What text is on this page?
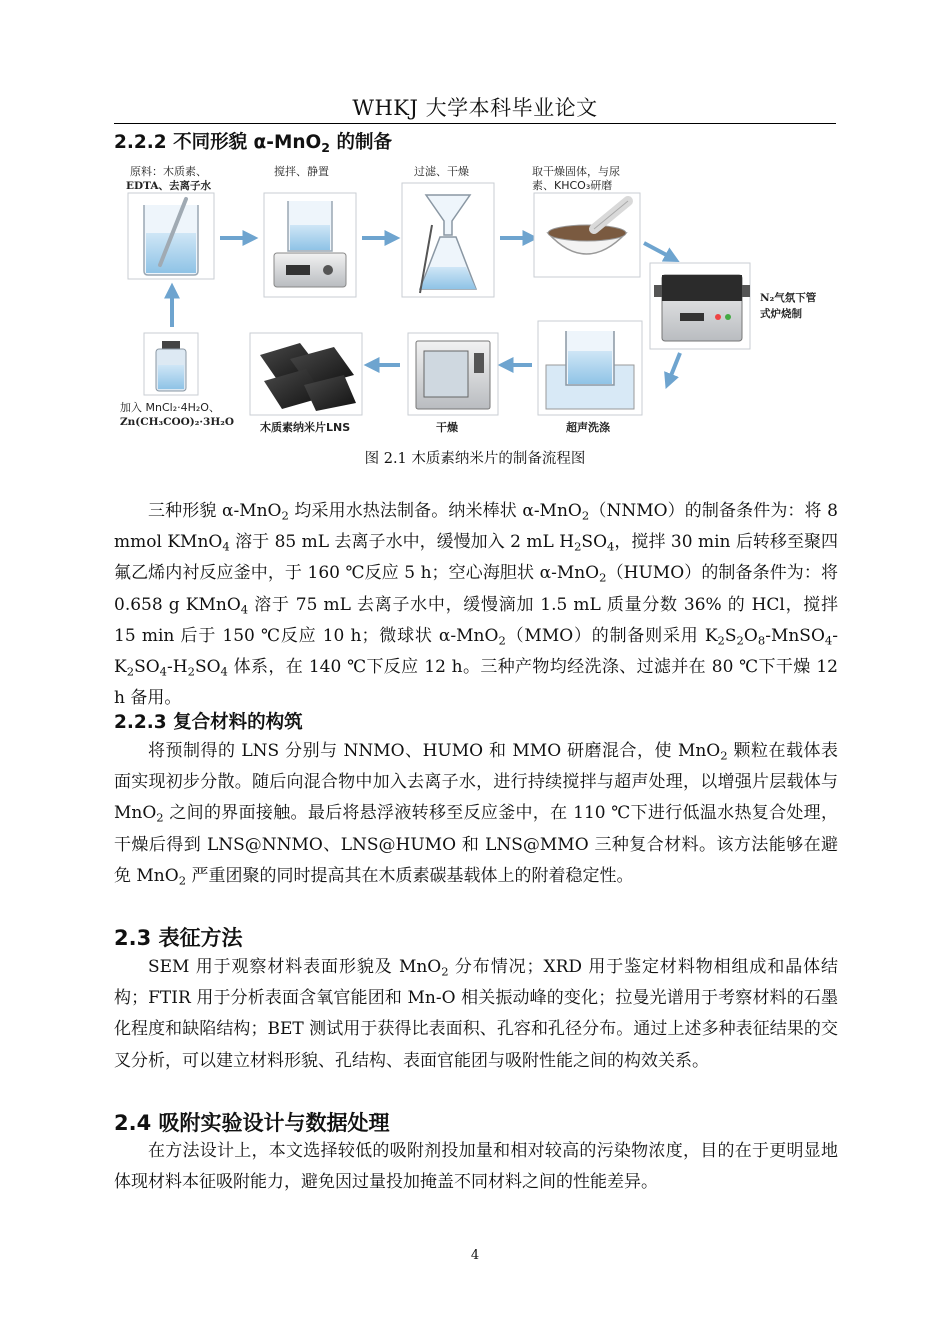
WHKJ 大学本科毕业论文
2.2.2 不同形貌 α-MnO$_2$ 的制备
原料：木质素、
EDTA、去离子水
搅拌、静置	过滤、干燥	取干燥固体，与尿
素、KHCO₃研磨
N₂气氛下管
式炉烧制
超声洗涤
干燥
木质素纳米片LNS
加入 MnCl₂·4H₂O、
Zn(CH₃COO)₂·3H₂O
图 2.1 木质素纳米片的制备流程图

三种形貌 α-MnO$_2$ 均采用水热法制备。纳米棒状 α-MnO$_2$（NNMO）的制备条件为：将 8 mmol KMnO$_4$ 溶于 85 mL 去离子水中，缓慢加入 2 mL $H_2SO_4$，搅拌 30 min 后转移至聚四氟乙烯内衬反应釜中，于 160 ℃反应 5 h；空心海胆状 α-MnO$_2$（HUMO）的制备条件为：将 0.658 g KMnO$_4$ 溶于 75 mL 去离子水中，缓慢滴加 1.5 mL 质量分数 36% 的 HCl，搅拌 15 min 后于 150 ℃反应 10 h；微球状 α-MnO$_2$（MMO）的制备则采用 $K_2S_2O_8-MnSO_4-K_2SO_4-H_2SO_4$ 体系，在 140 ℃下反应 12 h。三种产物均经洗涤、过滤并在 80 ℃下干燥 12 h 备用。

2.2.3 复合材料的构筑

将预制得的 LNS 分别与 NNMO、HUMO 和 MMO 研磨混合，使 MnO$_2$ 颗粒在载体表面实现初步分散。随后向混合物中加入去离子水，进行持续搅拌与超声处理，以增强片层载体与 MnO$_2$ 之间的界面接触。最后将悬浮液转移至反应釜中，在 110 ℃下进行低温水热复合处理，干燥后得到 LNS@NNMO、LNS@HUMO 和 LNS@MMO 三种复合材料。该方法能够在避免 MnO$_2$ 严重团聚的同时提高其在木质素碳基载体上的附着稳定性。

2.3 表征方法

SEM 用于观察材料表面形貌及 MnO$_2$ 分布情况；XRD 用于鉴定材料物相组成和晶体结构；FTIR 用于分析表面含氧官能团和 Mn-O 相关振动峰的变化；拉曼光谱用于考察材料的石墨化程度和缺陷结构；BET 测试用于获得比表面积、孔容和孔径分布。通过上述多种表征结果的交叉分析，可以建立材料形貌、孔结构、表面官能团与吸附性能之间的构效关系。

2.4 吸附实验设计与数据处理

在方法设计上，本文选择较低的吸附剂投加量和相对较高的污染物浓度，目的在于更明显地体现材料本征吸附能力，避免因过量投加掩盖不同材料之间的性能差异。

4
